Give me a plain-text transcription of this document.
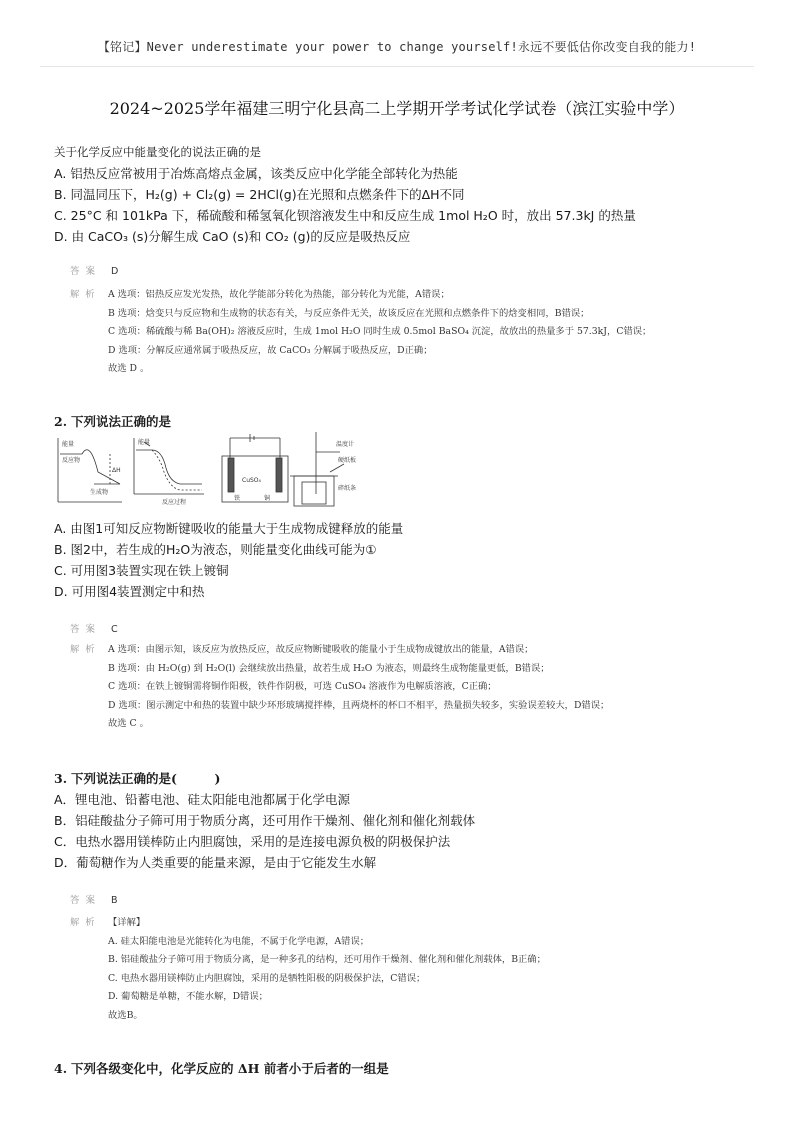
【铭记】Never underestimate your power to change yourself!永远不要低估你改变自我的能力!
2024~2025学年福建三明宁化县高二上学期开学考试化学试卷（滨江实验中学）
关于化学反应中能量变化的说法正确的是
A. 铝热反应常被用于冶炼高熔点金属，该类反应中化学能全部转化为热能
B. 同温同压下，H₂(g) + Cl₂(g) = 2HCl(g)在光照和点燃条件下的ΔH不同
C. 25°C 和 101kPa 下，稀硫酸和稀氢氧化钡溶液发生中和反应生成 1mol H₂O 时，放出 57.3kJ 的热量
D. 由 CaCO₃ (s)分解生成 CaO (s)和 CO₂ (g)的反应是吸热反应
答案 D
解析 A 选项：铝热反应发光发热，故化学能部分转化为热能，部分转化为光能，A错误；
B 选项：焓变只与反应物和生成物的状态有关，与反应条件无关，故该反应在光照和点燃条件下的焓变相同，B错误；
C 选项：稀硫酸与稀 Ba(OH)₂ 溶液反应时，生成 1mol H₂O 同时生成 0.5mol BaSO₄ 沉淀，故放出的热量多于 57.3kJ，C错误；
D 选项：分解反应通常属于吸热反应，故 CaCO₃ 分解属于吸热反应，D正确；
故选 D 。
2. 下列说法正确的是
能量
反应物
生成物
ΔH
能量
反应过程
铁	铜
CuSO₄
温度计
硬纸板
碎纸条
A. 由图1可知反应物断键吸收的能量大于生成物成键释放的能量
B. 图2中，若生成的H₂O为液态，则能量变化曲线可能为①
C. 可用图3装置实现在铁上镀铜
D. 可用图4装置测定中和热
答案 C
解析 A 选项：由图示知，该反应为放热反应，故反应物断键吸收的能量小于生成物成键放出的能量，A错误；
B 选项：由 H₂O(g) 到 H₂O(l) 会继续放出热量，故若生成 H₂O 为液态，则最终生成物能量更低，B错误；
C 选项：在铁上镀铜需将铜作阳极，铁件作阴极，可选 CuSO₄ 溶液作为电解质溶液，C正确；
D 选项：图示测定中和热的装置中缺少环形玻璃搅拌棒，且两烧杯的杯口不相平，热量损失较多，实验误差较大，D错误；
故选 C 。
3. 下列说法正确的是(　　　)
A．锂电池、铅蓄电池、硅太阳能电池都属于化学电源
B．铝硅酸盐分子筛可用于物质分离，还可用作干燥剂、催化剂和催化剂载体
C．电热水器用镁棒防止内胆腐蚀，采用的是连接电源负极的阴极保护法
D．葡萄糖作为人类重要的能量来源，是由于它能发生水解
答案 B
解析 【详解】
A. 硅太阳能电池是光能转化为电能，不属于化学电源，A错误；
B. 铝硅酸盐分子筛可用于物质分离，是一种多孔的结构，还可用作干燥剂、催化剂和催化剂载体，B正确；
C. 电热水器用镁棒防止内胆腐蚀，采用的是牺牲阳极的阴极保护法，C错误；
D. 葡萄糖是单糖，不能水解，D错误；
故选B。
4. 下列各级变化中，化学反应的 ΔH 前者小于后者的一组是
